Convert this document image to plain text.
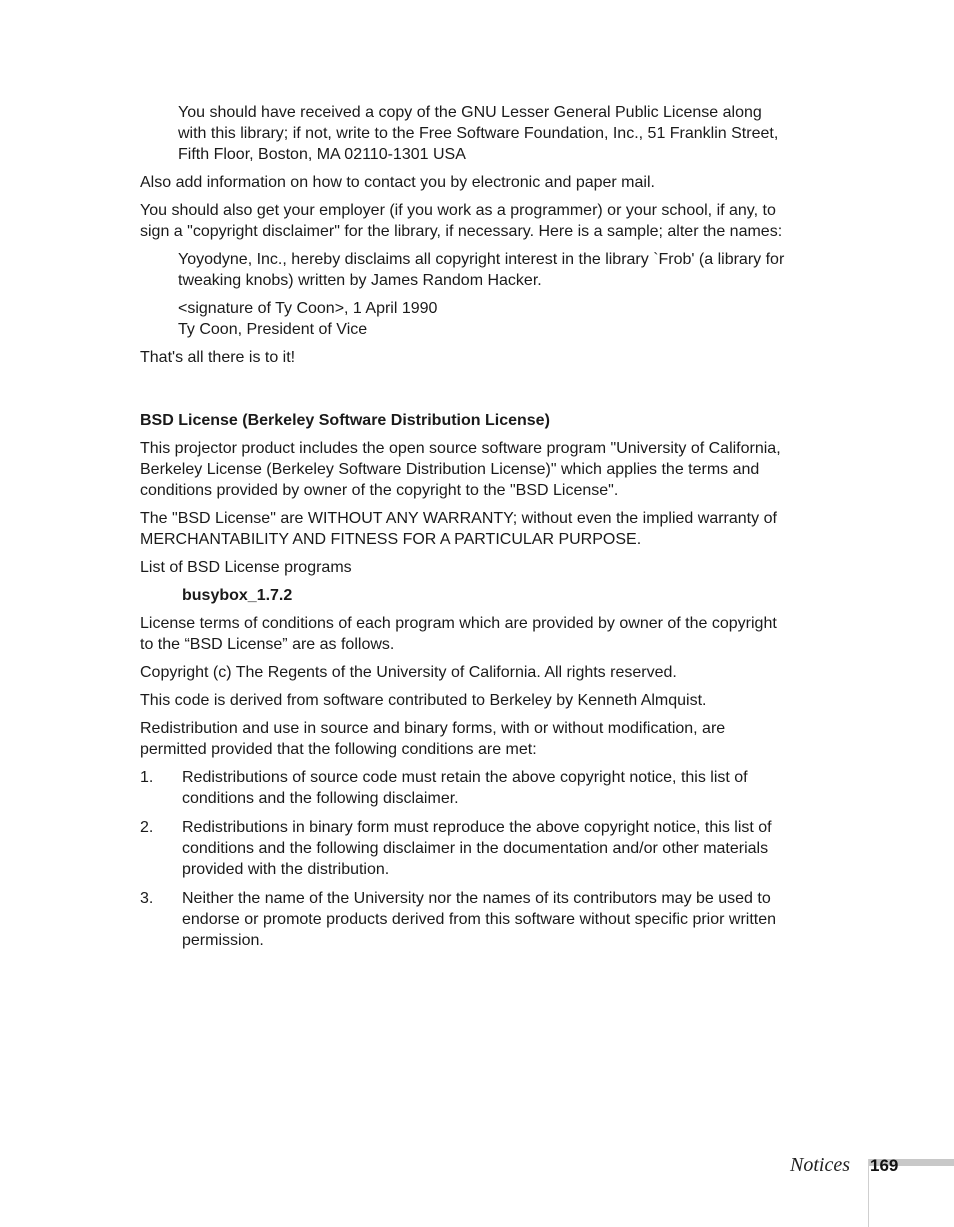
You should have received a copy of the GNU Lesser General Public License along with this library; if not, write to the Free Software Foundation, Inc., 51 Franklin Street, Fifth Floor, Boston, MA 02110-1301 USA

Also add information on how to contact you by electronic and paper mail.

You should also get your employer (if you work as a programmer) or your school, if any, to sign a "copyright disclaimer" for the library, if necessary. Here is a sample; alter the names:

Yoyodyne, Inc., hereby disclaims all copyright interest in the library `Frob' (a library for tweaking knobs) written by James Random Hacker.

<signature of Ty Coon>, 1 April 1990

Ty Coon, President of Vice

That's all there is to it!

BSD License (Berkeley Software Distribution License)

This projector product includes the open source software program "University of California, Berkeley License (Berkeley Software Distribution License)" which applies the terms and conditions provided by owner of the copyright to the "BSD License".

The "BSD License" are WITHOUT ANY WARRANTY; without even the implied warranty of MERCHANTABILITY AND FITNESS FOR A PARTICULAR PURPOSE.

List of BSD License programs

busybox_1.7.2

License terms of conditions of each program which are provided by owner of the copyright to the “BSD License” are as follows.

Copyright (c) The Regents of the University of California. All rights reserved.

This code is derived from software contributed to Berkeley by Kenneth Almquist.

Redistribution and use in source and binary forms, with or without modification, are permitted provided that the following conditions are met:

1.	Redistributions of source code must retain the above copyright notice, this list of conditions and the following disclaimer.
2.	Redistributions in binary form must reproduce the above copyright notice, this list of conditions and the following disclaimer in the documentation and/or other materials provided with the distribution.
3.	Neither the name of the University nor the names of its contributors may be used to endorse or promote products derived from this software without specific prior written permission.
Notices 169
